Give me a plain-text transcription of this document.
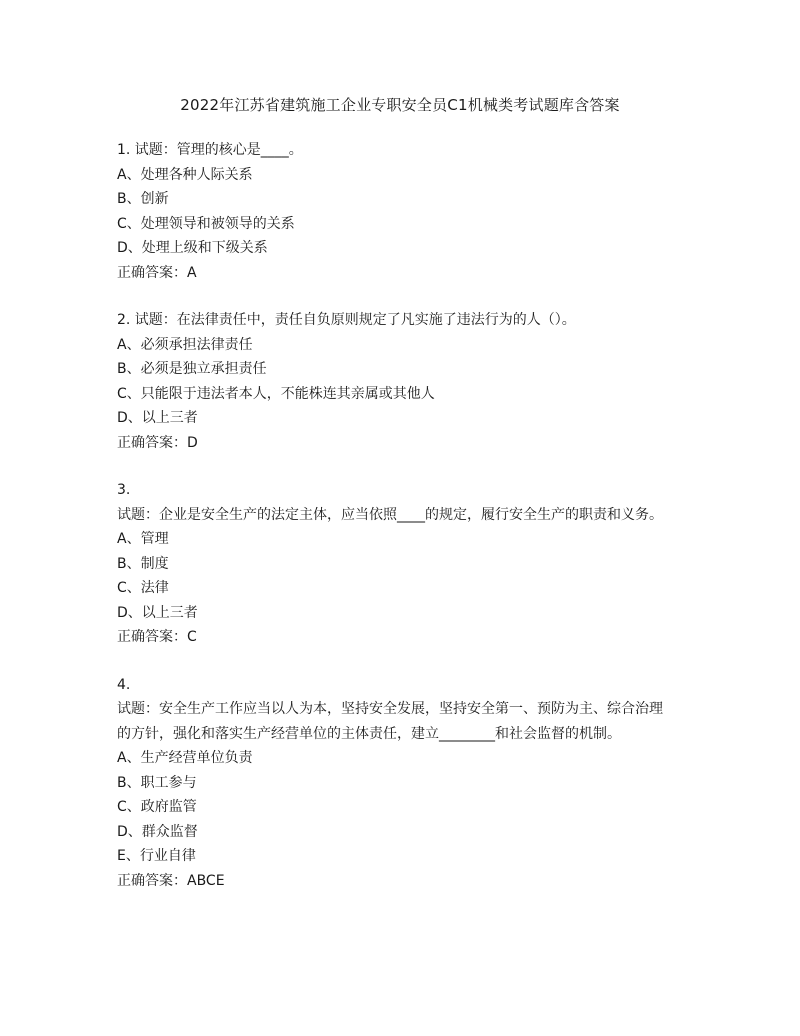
2022年江苏省建筑施工企业专职安全员C1机械类考试题库含答案
1. 试题：管理的核心是____。
A、处理各种人际关系
B、创新
C、处理领导和被领导的关系
D、处理上级和下级关系
正确答案：A
2. 试题：在法律责任中，责任自负原则规定了凡实施了违法行为的人（）。
A、必须承担法律责任
B、必须是独立承担责任
C、只能限于违法者本人，不能株连其亲属或其他人
D、以上三者
正确答案：D
3.
试题：企业是安全生产的法定主体，应当依照____的规定，履行安全生产的职责和义务。
A、管理
B、制度
C、法律
D、以上三者
正确答案：C
4.
试题：安全生产工作应当以人为本，坚持安全发展，坚持安全第一、预防为主、综合治理
的方针，强化和落实生产经营单位的主体责任，建立________和社会监督的机制。
A、生产经营单位负责
B、职工参与
C、政府监管
D、群众监督
E、行业自律
正确答案：ABCE
